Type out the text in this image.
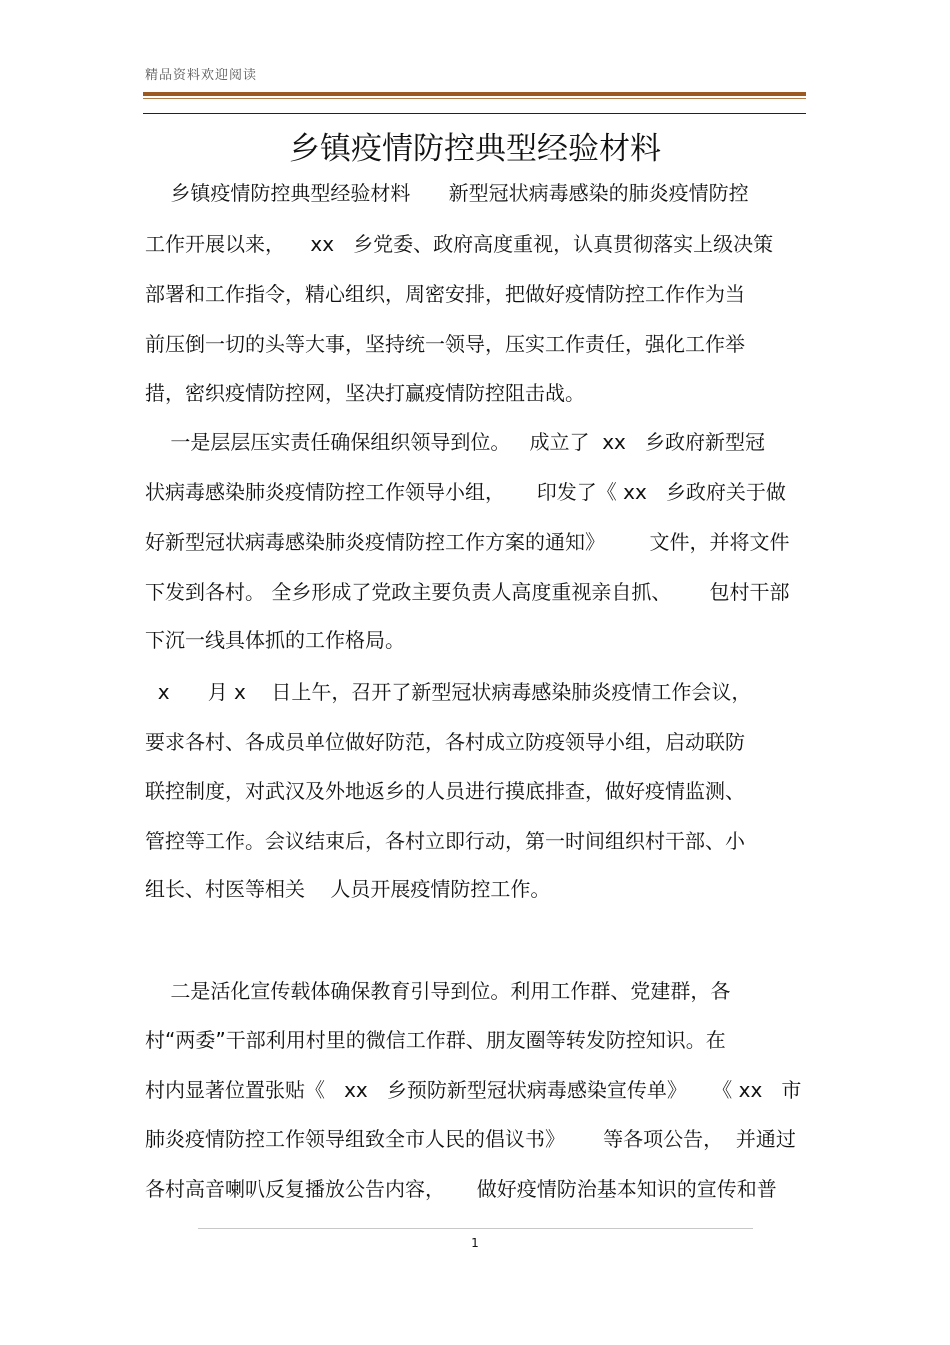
精品资料欢迎阅读
乡镇疫情防控典型经验材料
乡镇疫情防控典型经验材料      新型冠状病毒感染的肺炎疫情防控
工作开展以来，    xx   乡党委、政府高度重视，认真贯彻落实上级决策
部署和工作指令，精心组织，周密安排，把做好疫情防控工作作为当
前压倒一切的头等大事，坚持统一领导，压实工作责任，强化工作举
措，密织疫情防控网，坚决打赢疫情防控阻击战。
一是层层压实责任确保组织领导到位。   成立了  xx   乡政府新型冠
状病毒感染肺炎疫情防控工作领导小组，     印发了《 xx   乡政府关于做
好新型冠状病毒感染肺炎疫情防控工作方案的通知》       文件，并将文件
下发到各村。 全乡形成了党政主要负责人高度重视亲自抓、      包村干部
下沉一线具体抓的工作格局。
x      月 x    日上午，召开了新型冠状病毒感染肺炎疫情工作会议，
要求各村、各成员单位做好防范，各村成立防疫领导小组，启动联防
联控制度，对武汉及外地返乡的人员进行摸底排查，做好疫情监测、
管控等工作。会议结束后，各村立即行动，第一时间组织村干部、小
组长、村医等相关    人员开展疫情防控工作。
二是活化宣传载体确保教育引导到位。利用工作群、党建群，各
村“两委”干部利用村里的微信工作群、朋友圈等转发防控知识。在
村内显著位置张贴《   xx   乡预防新型冠状病毒感染宣传单》    《 xx   市
肺炎疫情防控工作领导组致全市人民的倡议书》      等各项公告，  并通过
各村高音喇叭反复播放公告内容，     做好疫情防治基本知识的宣传和普
1
